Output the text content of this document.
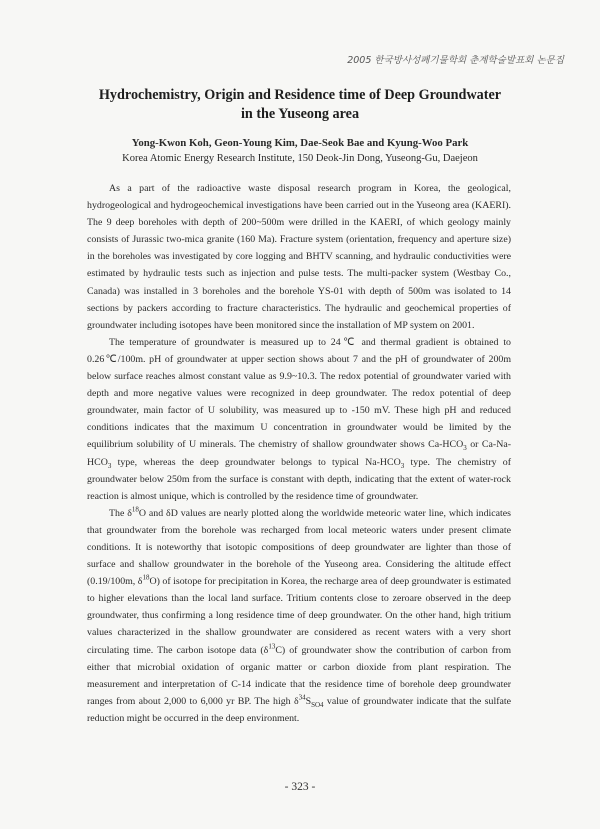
2005 한국방사성폐기물학회 춘계학술발표회 논문집
Hydrochemistry, Origin and Residence time of Deep Groundwater
in the Yuseong area
Yong-Kwon Koh, Geon-Young Kim, Dae-Seok Bae and Kyung-Woo Park
Korea Atomic Energy Research Institute, 150 Deok-Jin Dong, Yuseong-Gu, Daejeon

As a part of the radioactive waste disposal research program in Korea, the geological, hydrogeological and hydrogeochemical investigations have been carried out in the Yuseong area (KAERI). The 9 deep boreholes with depth of 200~500m were drilled in the KAERI, of which geology mainly consists of Jurassic two-mica granite (160 Ma). Fracture system (orientation, frequency and aperture size) in the boreholes was investigated by core logging and BHTV scanning, and hydraulic conductivities were estimated by hydraulic tests such as injection and pulse tests. The multi-packer system (Westbay Co., Canada) was installed in 3 boreholes and the borehole YS-01 with depth of 500m was isolated to 14 sections by packers according to fracture characteristics. The hydraulic and geochemical properties of groundwater including isotopes have been monitored since the installation of MP system on 2001.

The temperature of groundwater is measured up to 24℃ and thermal gradient is obtained to 0.26℃/100m. pH of groundwater at upper section shows about 7 and the pH of groundwater of 200m below surface reaches almost constant value as 9.9~10.3. The redox potential of groundwater varied with depth and more negative values were recognized in deep groundwater. The redox potential of deep groundwater, main factor of U solubility, was measured up to -150 mV. These high pH and reduced conditions indicates that the maximum U concentration in groundwater would be limited by the equilibrium solubility of U minerals. The chemistry of shallow groundwater shows $Ca-HCO_3$ or $Ca-Na-HCO_3$ type, whereas the deep groundwater belongs to typical $Na-HCO_3$ type. The chemistry of groundwater below 250m from the surface is constant with depth, indicating that the extent of water-rock reaction is almost unique, which is controlled by the residence time of groundwater.

The $\delta^{18}O$ and δD values are nearly plotted along the worldwide meteoric water line, which indicates that groundwater from the borehole was recharged from local meteoric waters under present climate conditions. It is noteworthy that isotopic compositions of deep groundwater are lighter than those of surface and shallow groundwater in the borehole of the Yuseong area. Considering the altitude effect (0.19/100m, $\delta^{18}O$) of isotope for precipitation in Korea, the recharge area of deep groundwater is estimated to higher elevations than the local land surface. Tritium contents close to zeroare observed in the deep groundwater, thus confirming a long residence time of deep groundwater. On the other hand, high tritium values characterized in the shallow groundwater are considered as recent waters with a very short circulating time. The carbon isotope data $(\delta^{13}C)$ of groundwater show the contribution of carbon from either that microbial oxidation of organic matter or carbon dioxide from plant respiration. The measurement and interpretation of C-14 indicate that the residence time of borehole deep groundwater ranges from about 2,000 to 6,000 yr BP. The high $\delta^{34}S_{SO4}$ value of groundwater indicate that the sulfate reduction might be occurred in the deep environment.

- 323 -
